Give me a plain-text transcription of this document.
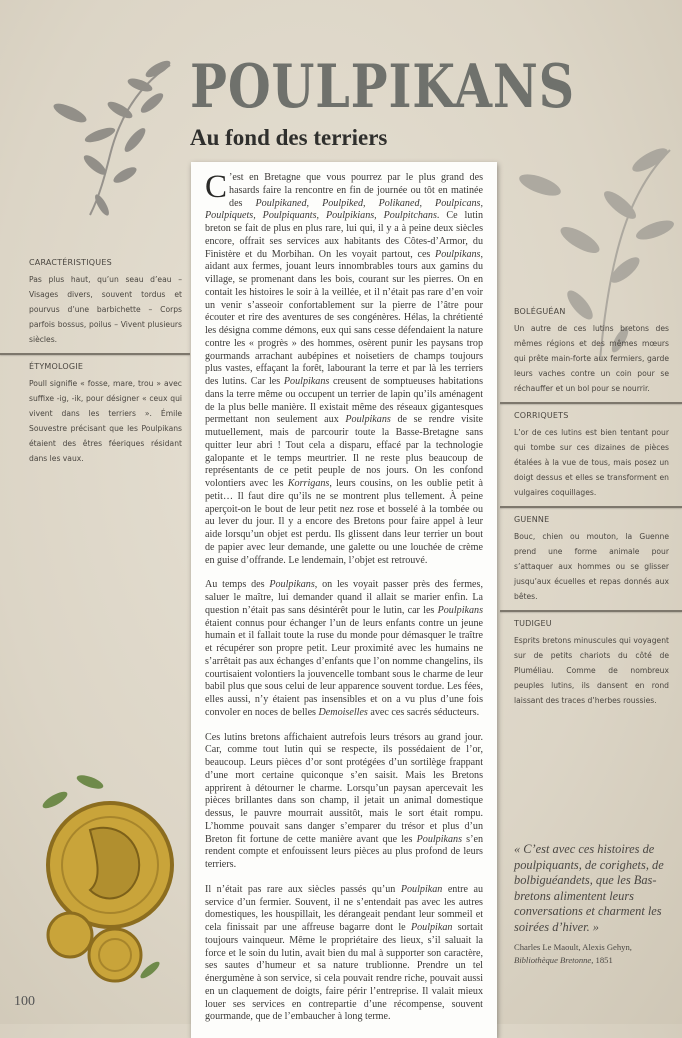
POULPIKANS
Au fond des terriers

C ’est en Bretagne que vous pourrez par le plus grand des hasards faire la rencontre en fin de journée ou tôt en matinée des Poulpikaned, Poulpiked, Polikaned, Poulpicans, Poulpiquets, Poulpiquants, Poulpikians, Poulpitchans. Ce lutin breton se fait de plus en plus rare, lui qui, il y a à peine deux siècles encore, offrait ses services aux habitants des Côtes-d’Armor, du Finistère et du Morbihan. On les voyait partout, ces Poulpikans, aidant aux fermes, jouant leurs innombrables tours aux gamins du village, se promenant dans les bois, courant sur les pierres. On en contait les histoires le soir à la veillée, et il n’était pas rare d’en voir un venir s’asseoir confortablement sur la pierre de l’âtre pour écouter et rire des aventures de ses congénères. Hélas, la chrétienté les désigna comme démons, eux qui sans cesse défendaient la nature contre les « progrès » des hommes, osèrent punir les paysans trop gourmands arrachant aubépines et noisetiers de champs toujours plus vastes, effaçant la forêt, labourant la terre et par là les terriers des lutins. Car les Poulpikans creusent de somptueuses habitations dans la terre même ou occupent un terrier de lapin qu’ils aménagent de la plus belle manière. Il existait même des réseaux gigantesques permettant non seulement aux Poulpikans de se rendre visite mutuellement, mais de parcourir toute la Basse-Bretagne sans quitter leur abri ! Tout cela a disparu, effacé par la technologie galopante et le temps meurtrier. Il ne reste plus beaucoup de représentants de ce petit peuple de nos jours. On les confond volontiers avec les Korrigans, leurs cousins, on les oublie petit à petit… Il faut dire qu’ils ne se montrent plus tellement. À peine aperçoit-on le bout de leur petit nez rose et bosselé à la tombée ou au lever du jour. Il y a encore des Bretons pour faire appel à leur aide lorsqu’un objet est perdu. Ils glissent dans leur terrier un bout de papier avec leur demande, une galette ou une louchée de crème en guise d’offrande. Le lendemain, l’objet est retrouvé.

Au temps des Poulpikans, on les voyait passer près des fermes, saluer le maître, lui demander quand il allait se marier enfin. La question n’était pas sans désintérêt pour le lutin, car les Poulpikans étaient connus pour échanger l’un de leurs enfants contre un jeune humain et il fallait toute la ruse du monde pour démasquer le traître et récupérer son propre petit. Leur proximité avec les humains ne s’arrêtait pas aux échanges d’enfants que l’on nomme changelins, ils courtisaient volontiers la jouvencelle tombant sous le charme de leur babil plus que sous celui de leur apparence souvent tordue. Les fées, elles aussi, n’y étaient pas insensibles et on a vu plus d’une fois convoler en noces de belles Demoiselles avec ces sacrés séducteurs.

Ces lutins bretons affichaient autrefois leurs trésors au grand jour. Car, comme tout lutin qui se respecte, ils possédaient de l’or, beaucoup. Leurs pièces d’or sont protégées d’un sortilège frappant d’une mort certaine quiconque s’en saisit. Mais les Bretons apprirent à détourner le charme. Lorsqu’un paysan apercevait les pièces brillantes dans son champ, il jetait un animal domestique dessus, le pauvre mourrait aussitôt, mais le sort était rompu. L’homme pouvait sans danger s’emparer du trésor et plus d’un Breton fit fortune de cette manière avant que les Poulpikans s’en rendent compte et enfouissent leurs pièces au plus profond de leurs terriers.

Il n’était pas rare aux siècles passés qu’un Poulpikan entre au service d’un fermier. Souvent, il ne s’entendait pas avec les autres domestiques, les houspillait, les dérangeait pendant leur sommeil et cela finissait par une affreuse bagarre dont le Poulpikan sortait toujours vainqueur. Même le propriétaire des lieux, s’il saluait la force et le soin du lutin, avait bien du mal à supporter son caractère, ses sautes d’humeur et sa nature trublionne. Prendre un tel énergumène à son service, si cela pouvait rendre riche, pouvait aussi en un claquement de doigts, faire périr l’entreprise. Il valait mieux louer ses services en contrepartie d’une récompense, souvent gourmande, que de l’embaucher à long terme.

CARACTÉRISTIQUES

Pas plus haut, qu’un seau d’eau – Visages divers, souvent tordus et pourvus d’une barbichette – Corps parfois bossus, poilus – Vivent plusieurs siècles.

ÉTYMOLOGIE

Poull signifie « fosse, mare, trou » avec suffixe -ig, -ik, pour désigner « ceux qui vivent dans les terriers ». Émile Souvestre précisant que les Poulpikans étaient des êtres féeriques résidant dans les vaux.

BOLÉGUÉAN

Un autre de ces lutins bretons des mêmes régions et des mêmes mœurs qui prête main-forte aux fermiers, garde leurs vaches contre un coin pour se réchauffer et un bol pour se nourrir.

CORRIQUETS

L’or de ces lutins est bien tentant pour qui tombe sur ces dizaines de pièces étalées à la vue de tous, mais posez un doigt dessus et elles se transforment en vulgaires coquillages.

GUENNE

Bouc, chien ou mouton, la Guenne prend une forme animale pour s’attaquer aux hommes ou se glisser jusqu’aux écuelles et repas donnés aux bêtes.

TUDIGEU

Esprits bretons minuscules qui voyagent sur de petits chariots du côté de Pluméliau. Comme de nombreux peuples lutins, ils dansent en rond laissant des traces d’herbes roussies.

« C’est avec ces histoires de poulpiquants, de corighets, de bolbiguéandets, que les Bas-bretons alimentent leurs conversations et charment les soirées d’hiver. »

Charles Le Maoult, Alexis Gehyn,
Bibliothèque Bretonne, 1851
100
